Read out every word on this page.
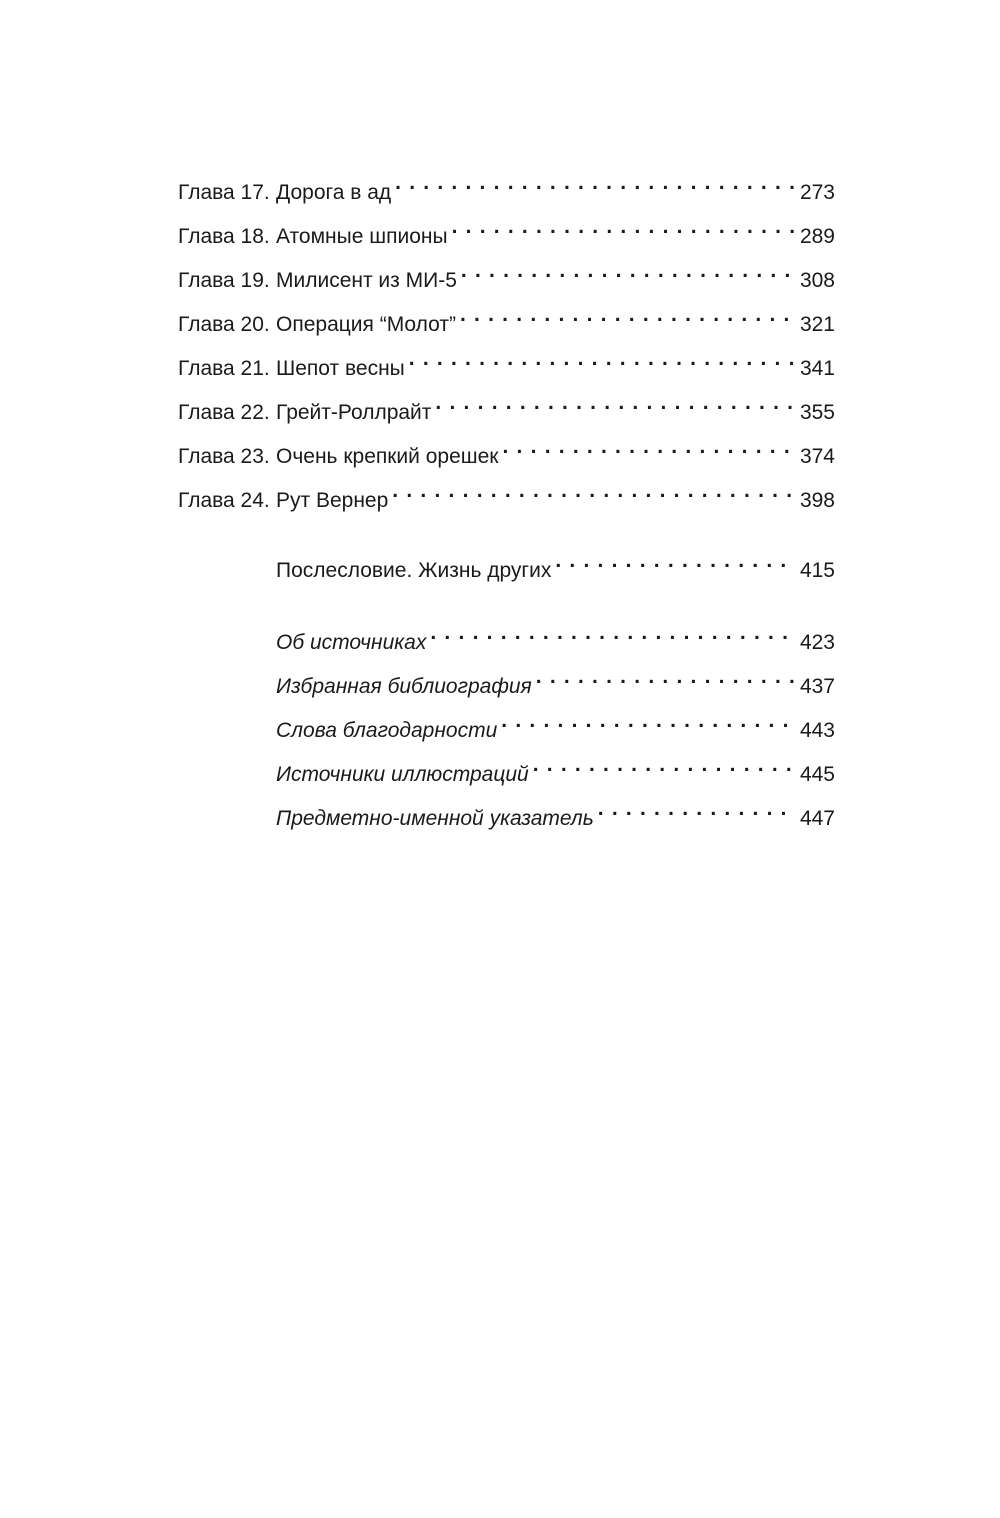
Глава 17. Дорога в ад . . .	273
Глава 18. Атомные шпионы . . .	289
Глава 19. Милисент из МИ-5 . . .	308
Глава 20. Операция “Молот” . . .	321
Глава 21. Шепот весны . . .	341
Глава 22. Грейт-Роллрайт . . .	355
Глава 23. Очень крепкий орешек . . .	374
Глава 24. Рут Вернер . . .	398
Послесловие. Жизнь других . . .	415
Об источниках . . .	423
Избранная библиография . . .	437
Слова благодарности . . .	443
Источники иллюстраций . . .	445
Предметно-именной указатель . . .	447
